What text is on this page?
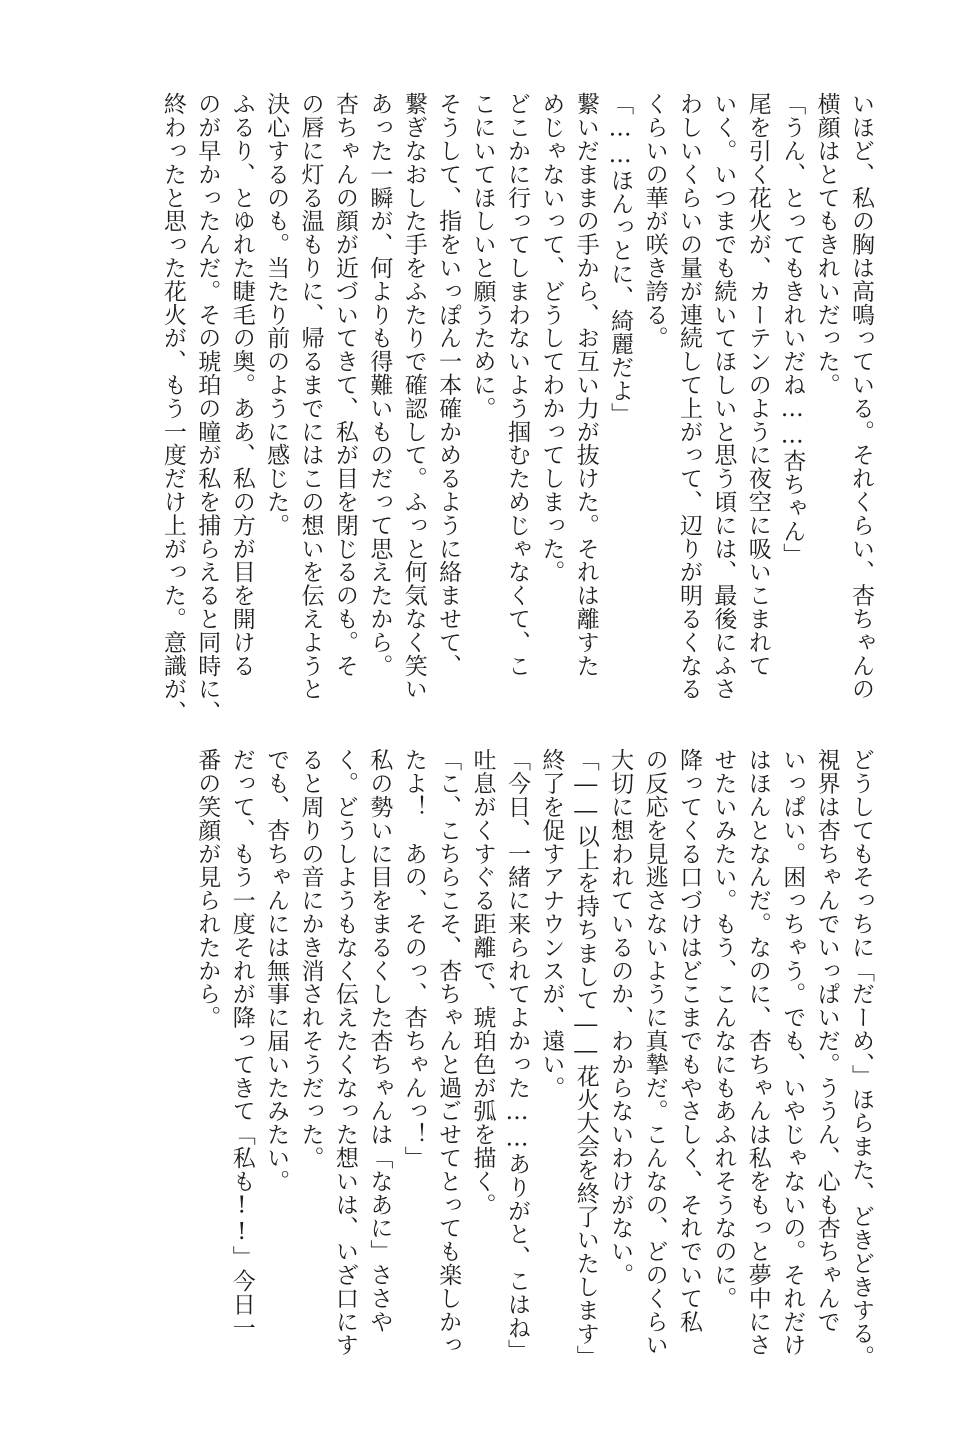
いほど、私の胸は高鳴っている。それくらい、杏ちゃんの
横顔はとてもきれいだった。
「うん、とってもきれいだね……杏ちゃん」
尾を引く花火が、カーテンのように夜空に吸いこまれて
いく。いつまでも続いてほしいと思う頃には、最後にふさ
わしいくらいの量が連続して上がって、辺りが明るくなる
くらいの華が咲き誇る。
「……ほんっとに、綺麗だよ」
繋いだままの手から、お互い力が抜けた。それは離すた
めじゃないって、どうしてわかってしまった。
どこかに行ってしまわないよう掴むためじゃなくて、こ
こにいてほしいと願うために。
そうして、指をいっぽん一本確かめるように絡ませて、
繋ぎなおした手をふたりで確認して。ふっと何気なく笑い
あった一瞬が、何よりも得難いものだって思えたから。
杏ちゃんの顔が近づいてきて、私が目を閉じるのも。そ
の唇に灯る温もりに、帰るまでにはこの想いを伝えようと
決心するのも。当たり前のように感じた。
ふるり、とゆれた睫毛の奥。ああ、私の方が目を開ける
のが早かったんだ。その琥珀の瞳が私を捕らえると同時に、
終わったと思った花火が、もう一度だけ上がった。意識が、
どうしてもそっちに「だーめ、」ほらまた、どきどきする。
視界は杏ちゃんでいっぱいだ。ううん、心も杏ちゃんで
いっぱい。困っちゃう。でも、いやじゃないの。それだけ
はほんとなんだ。なのに、杏ちゃんは私をもっと夢中にさ
せたいみたい。もう、こんなにもあふれそうなのに。
降ってくる口づけはどこまでもやさしく、それでいて私
の反応を見逃さないように真摯だ。こんなの、どのくらい
大切に想われているのか、わからないわけがない。
「――以上を持ちまして――花火大会を終了いたします」
終了を促すアナウンスが、遠い。
「今日、一緒に来られてよかった……ありがと、こはね」
吐息がくすぐる距離で、琥珀色が弧を描く。
「こ、こちらこそ、杏ちゃんと過ごせてとっても楽しかっ
たよ！　あの、そのっ、杏ちゃんっ！」
私の勢いに目をまるくした杏ちゃんは「なあに」ささや
く。どうしようもなく伝えたくなった想いは、いざ口にす
ると周りの音にかき消されそうだった。
でも、杏ちゃんには無事に届いたみたい。
だって、もう一度それが降ってきて「私も!!」今日一
番の笑顔が見られたから。
